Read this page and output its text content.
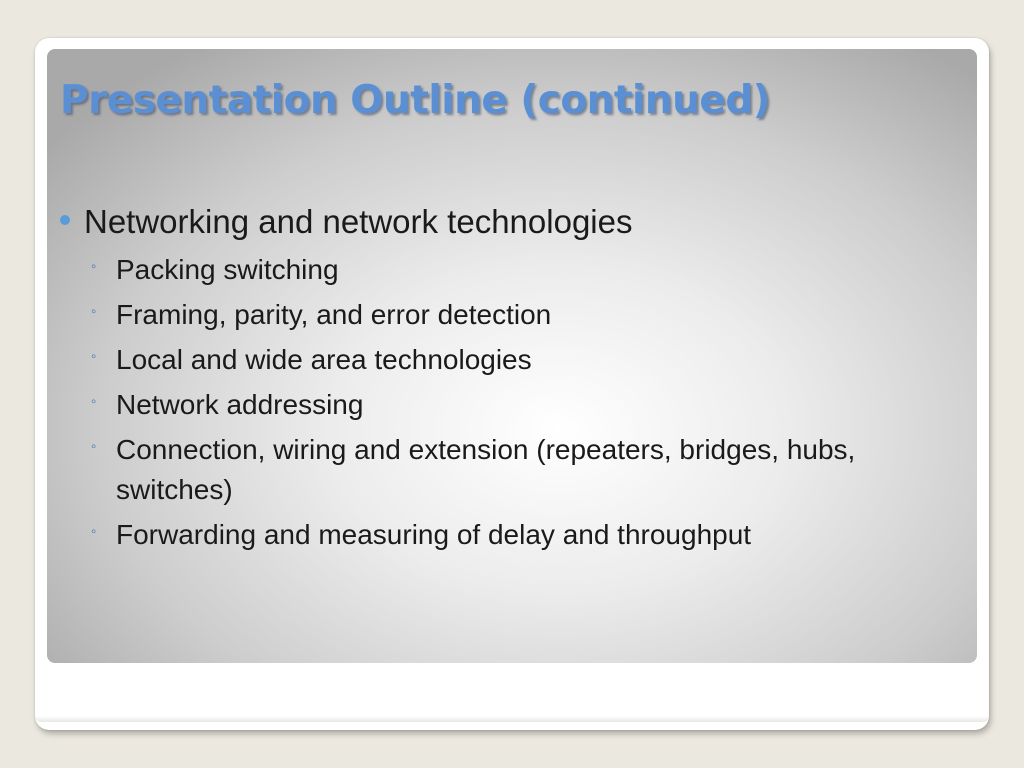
Presentation Outline (continued)
Networking and network technologies
◦ Packing switching
◦ Framing, parity, and error detection
◦ Local and wide area technologies
◦ Network addressing
◦ Connection, wiring and extension (repeaters, bridges, hubs, switches)
◦ Forwarding and measuring of delay and throughput
